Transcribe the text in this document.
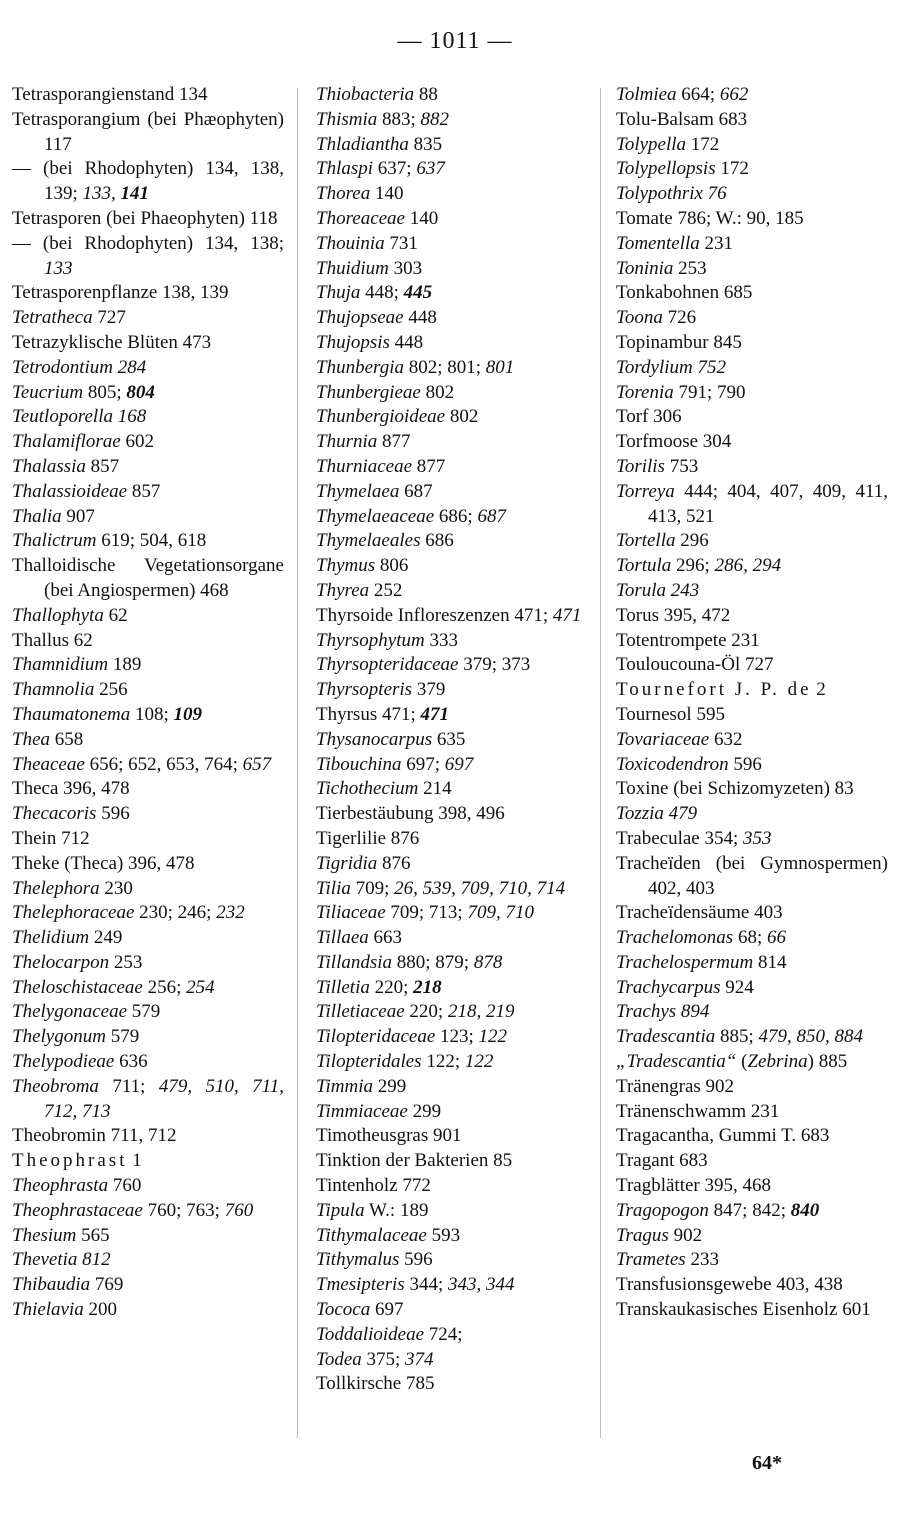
— 1011 —
Tetrasporangienstand 134
Tetrasporangium (bei Phæophyten) 117
— (bei Rhodophyten) 134, 138, 139; 133, 141
Tetrasporen (bei Phaeophyten) 118
— (bei Rhodophyten) 134, 138; 133
Tetrasporenpflanze 138, 139
Tetratheca 727
Tetrazyklische Blüten 473
Tetrodontium 284
Teucrium 805; 804
Teutloporella 168
Thalamiflorae 602
Thalassia 857
Thalassioideae 857
Thalia 907
Thalictrum 619; 504, 618
Thalloidische Vegetationsorgane (bei Angiospermen) 468
Thallophyta 62
Thallus 62
Thamnidium 189
Thamnolia 256
Thaumatonema 108; 109
Thea 658
Theaceae 656; 652, 653, 764; 657
Theca 396, 478
Thecacoris 596
Thein 712
Theke (Theca) 396, 478
Thelephora 230
Thelephoraceae 230; 246; 232
Thelidium 249
Thelocarpon 253
Theloschistaceae 256; 254
Thelygonaceae 579
Thelygonum 579
Thelypodieae 636
Theobroma 711; 479, 510, 711, 712, 713
Theobromin 711, 712
Theophrast 1
Theophrasta 760
Theophrastaceae 760; 763; 760
Thesium 565
Thevetia 812
Thibaudia 769
Thielavia 200
Thiobacteria 88
Thismia 883; 882
Thladiantha 835
Thlaspi 637; 637
Thorea 140
Thoreaceae 140
Thouinia 731
Thuidium 303
Thuja 448; 445
Thujopseae 448
Thujopsis 448
Thunbergia 802; 801; 801
Thunbergieae 802
Thunbergioideae 802
Thurnia 877
Thurniaceae 877
Thymelaea 687
Thymelaeaceae 686; 687
Thymelaeales 686
Thymus 806
Thyrea 252
Thyrsoide Infloreszenzen 471; 471
Thyrsophytum 333
Thyrsopteridaceae 379; 373
Thyrsopteris 379
Thyrsus 471; 471
Thysanocarpus 635
Tibouchina 697; 697
Tichothecium 214
Tierbestäubung 398, 496
Tigerlilie 876
Tigridia 876
Tilia 709; 26, 539, 709, 710, 714
Tiliaceae 709; 713; 709, 710
Tillaea 663
Tillandsia 880; 879; 878
Tilletia 220; 218
Tilletiaceae 220; 218, 219
Tilopteridaceae 123; 122
Tilopteridales 122; 122
Timmia 299
Timmiaceae 299
Timotheusgras 901
Tinktion der Bakterien 85
Tintenholz 772
Tipula W.: 189
Tithymalaceae 593
Tithymalus 596
Tmesipteris 344; 343, 344
Tococa 697
Toddalioideae 724;
Todea 375; 374
Tollkirsche 785
Tolmiea 664; 662
Tolu-Balsam 683
Tolypella 172
Tolypellopsis 172
Tolypothrix 76
Tomate 786; W.: 90, 185
Tomentella 231
Toninia 253
Tonkabohnen 685
Toona 726
Topinambur 845
Tordylium 752
Torenia 791; 790
Torf 306
Torfmoose 304
Torilis 753
Torreya 444; 404, 407, 409, 411, 413, 521
Tortella 296
Tortula 296; 286, 294
Torula 243
Torus 395, 472
Totentrompete 231
Touloucouna-Öl 727
Tournefort J. P. de 2
Tournesol 595
Tovariaceae 632
Toxicodendron 596
Toxine (bei Schizomyzeten) 83
Tozzia 479
Trabeculae 354; 353
Tracheïden (bei Gymnospermen) 402, 403
Tracheïdensäume 403
Trachelomonas 68; 66
Trachelospermum 814
Trachycarpus 924
Trachys 894
Tradescantia 885; 479, 850, 884
„Tradescantia“ (Zebrina) 885
Tränengras 902
Tränenschwamm 231
Tragacantha, Gummi T. 683
Tragant 683
Tragblätter 395, 468
Tragopogon 847; 842; 840
Tragus 902
Trametes 233
Transfusionsgewebe 403, 438
Transkaukasisches Eisenholz 601
64*
